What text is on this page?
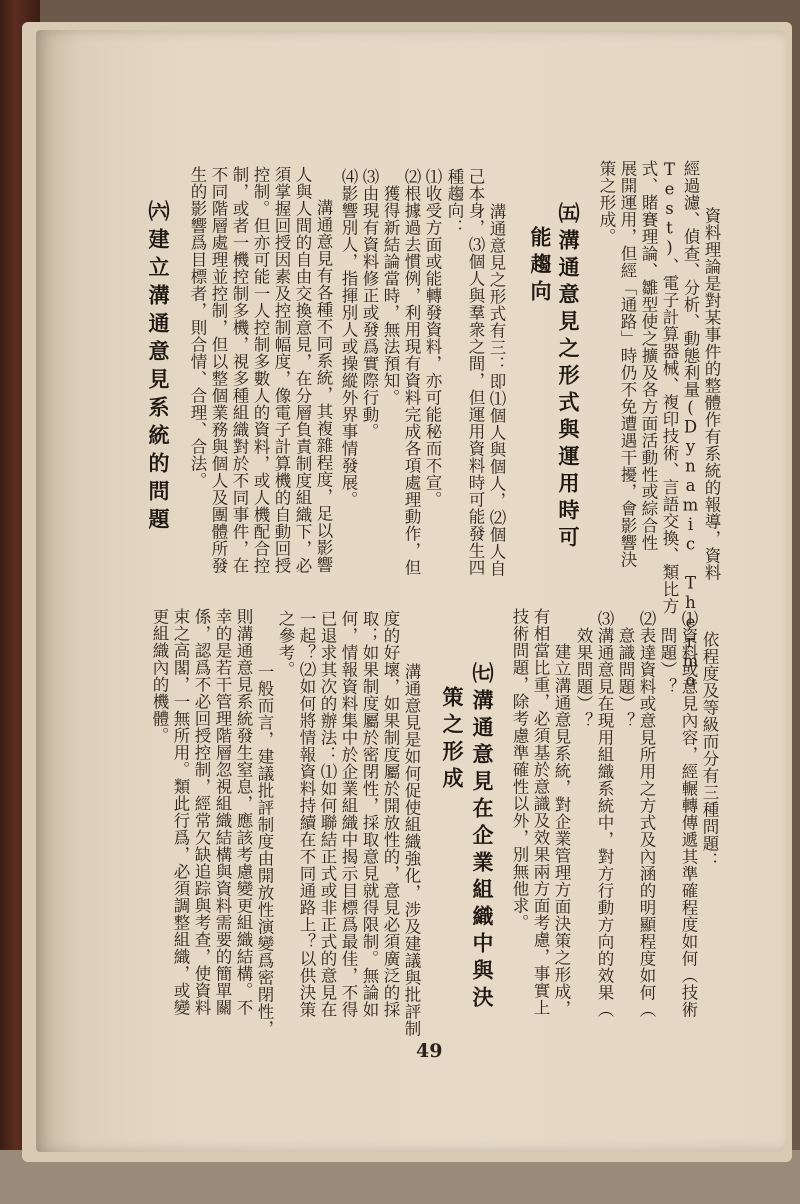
　資料理論是對某事件的整體作有系統的報導，資料
經過濾、偵查、分析、動態利量(Dynamic Thermo
Test)、電子計算器械、複印技術、言語交換、類比方
式、賭賽理論、雛型使之擴及各方面活動性或綜合性
展開運用，但經「通路」時仍不免遭遇干擾，會影響決
策之形成。
㈤溝通意見之形式與運用時可
能趨向
　溝通意見之形式有三：即⑴個人與個人，⑵個人自
己本身，⑶個人與羣衆之間，但運用資料時可能發生四
種趨向：
⑴收受方面或能轉發資料，亦可能秘而不宣。
⑵根據過去慣例，利用現有資料完成各項處理動作，但
　獲得新結論當時，無法預知。
⑶由現有資料修正或發爲實際行動。
⑷影響別人，指揮別人或操縱外界事情發展。
　溝通意見有各種不同系統，其複雜程度，足以影響
人與人間的自由交換意見，在分層負責制度組織下，必
須掌握回授因素及控制幅度，像電子計算機的自動回授
控制。但亦可能一人控制多數人的資料，或人機配合控
制，或者一機控制多機，視多種組織對於不同事件，在
不同階層處理並控制，但以整個業務與個人及團體所發
生的影響爲目標者，則合情、合理、合法。
㈥建立溝通意見系統的問題
　依程度及等級而分有三種問題：
⑴資料或意見內容，經輾轉傳遞其準確程度如何（技術
　問題）？
⑵表達資料或意見所用之方式及內涵的明顯程度如何（
　意識問題）？
⑶溝通意見在現用組織系統中，對方行動方向的效果（
　效果問題）？
　建立溝通意見系統，對企業管理方面決策之形成，
有相當比重，必須基於意識及效果兩方面考慮，事實上
技術問題，除考慮準確性以外，別無他求。
㈦溝通意見在企業組織中與決
策之形成
　溝通意見是如何促使組織強化，涉及建議與批評制
度的好壞，如果制度屬於開放性的，意見必須廣泛的採
取；如果制度屬於密閉性，採取意見就得限制。無論如
何，情報資料集中於企業組織中揭示目標爲最佳，不得
已退求其次的辦法：⑴如何聯結正式或非正式的意見在
一起？⑵如何將情報資料持續在不同通路上？以供決策
之參考。
　一般而言，建議批評制度由開放性演變爲密閉性，
則溝通意見系統發生窒息，應該考慮變更組織結構。不
幸的是若干管理階層忽視組織結構與資料需要的簡單關
係，認爲不必回授控制，經常欠缺追踪與考查，使資料
束之高閣，一無所用。類此行爲，必須調整組織，或變
更組織內的機體。
49
